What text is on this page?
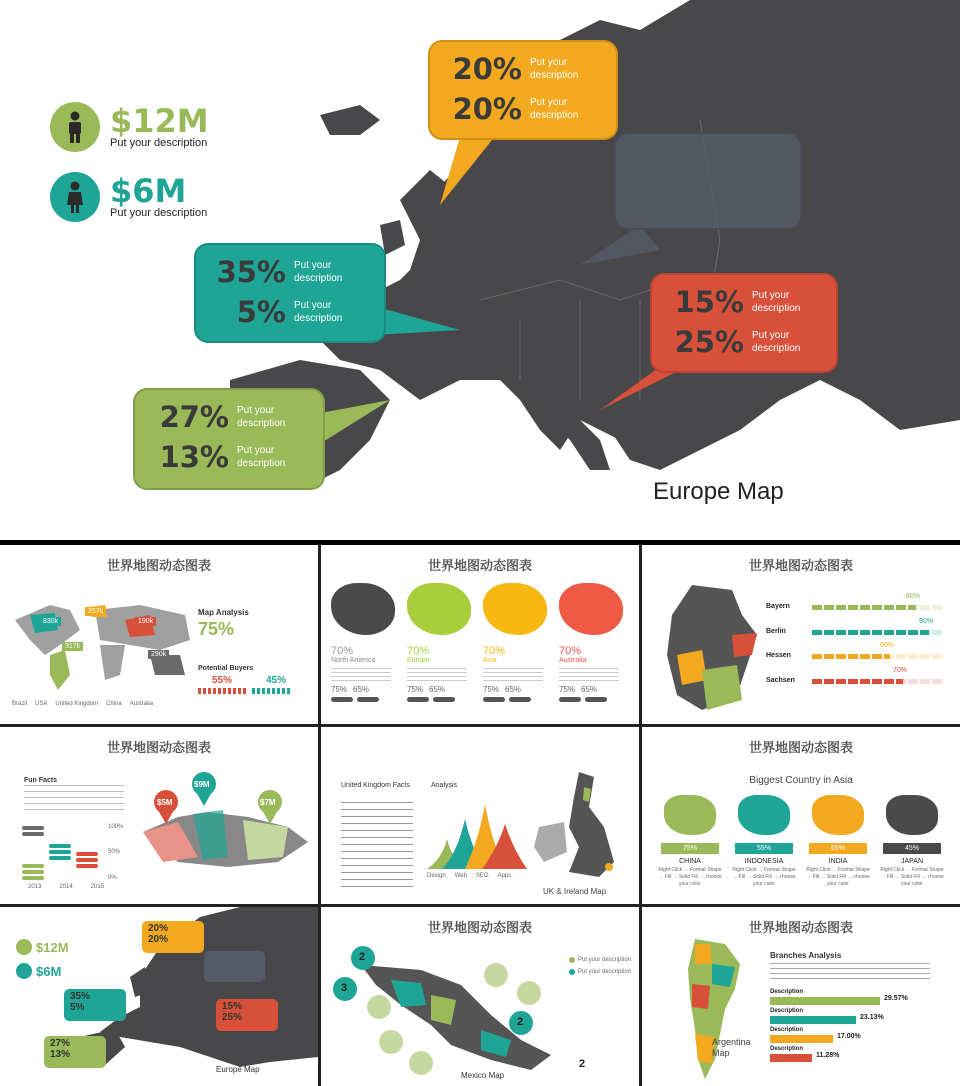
$12M
Put your description
$6M
Put your description
20% Put your description
20% Put your description
35% Put your description
5% Put your description	15% Put your description
25% Put your description
27% Put your description
13% Put your description
Europe Map
世界地图动态图表
830k
257k
317k
190k
290k
Brazil USA United Kingdom China Australia
Map Analysis
75%
Potential Buyers
55%	45%
世界地图动态图表
70%
North America
75% 65%
70%
Europe
75% 65%
70%
Asia
75% 65%
70%
Australia
75% 65%
世界地图动态图表
Bayern
80%
Berlin
90%
Hessen
60%
Sachsen
70%
世界地图动态图表
Fun Facts
100%
50%
0%
2013	2014	2015
$5M
$9M
$7M
United Kingdom Facts	Analysis
Design Web SEO Apps
UK & Ireland Map
世界地图动态图表
Biggest Country in Asia
75%
CHINA
Right Click → Format Shape → Fill → Solid Fill → choose your color
55%
INDONESIA
Right Click → Format Shape → Fill → Solid Fill → choose your color
65%
INDIA
Right Click → Format Shape → Fill → Solid Fill → choose your color
45%
JAPAN
Right Click → Format Shape → Fill → Solid Fill → choose your color
$12M
$6M
20%
20%
35%
5%	15%
25%
27%
13%
Europe Map
世界地图动态图表
2
3
2
2
Put your description
Put your description
Mexico Map
世界地图动态图表
Argentina Map
Branches Analysis
Description
29.57%
Description
23.13%
Description
17.00%
Description
11.28%
